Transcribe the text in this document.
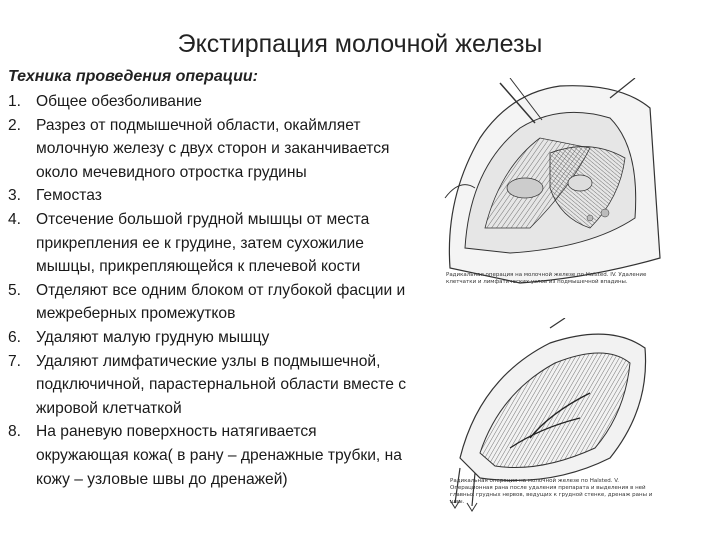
Экстирпация молочной железы
Техника проведения операции:
1. Общее обезболивание
2. Разрез от подмышечной области, окаймляет молочную железу с двух сторон и заканчивается около мечевидного отростка грудины
3. Гемостаз
4. Отсечение большой грудной мышцы от места прикрепления ее к грудине, затем сухожилие мышцы, прикрепляющейся к плечевой кости
5. Отделяют все одним блоком от глубокой фасции и межреберных промежутков
6. Удаляют малую грудную мышцу
7. Удаляют лимфатические узлы в подмышечной, подключичной, парастернальной области вместе с жировой клетчаткой
8. На раневую поверхность натягивается окружающая кожа( в рану – дренажные трубки, на кожу – узловые швы до дренажей)
Радикальная операция на молочной железе по Halsted. IV. Удаление клетчатки и лимфатических узлов из подмышечной впадины.
Радикальная операция на молочной железе по Halsted. V. Операционная рана после удаления препарата и выделения в ней главных грудных нервов, ведущих к грудной стенке, дренаж раны и швы.
